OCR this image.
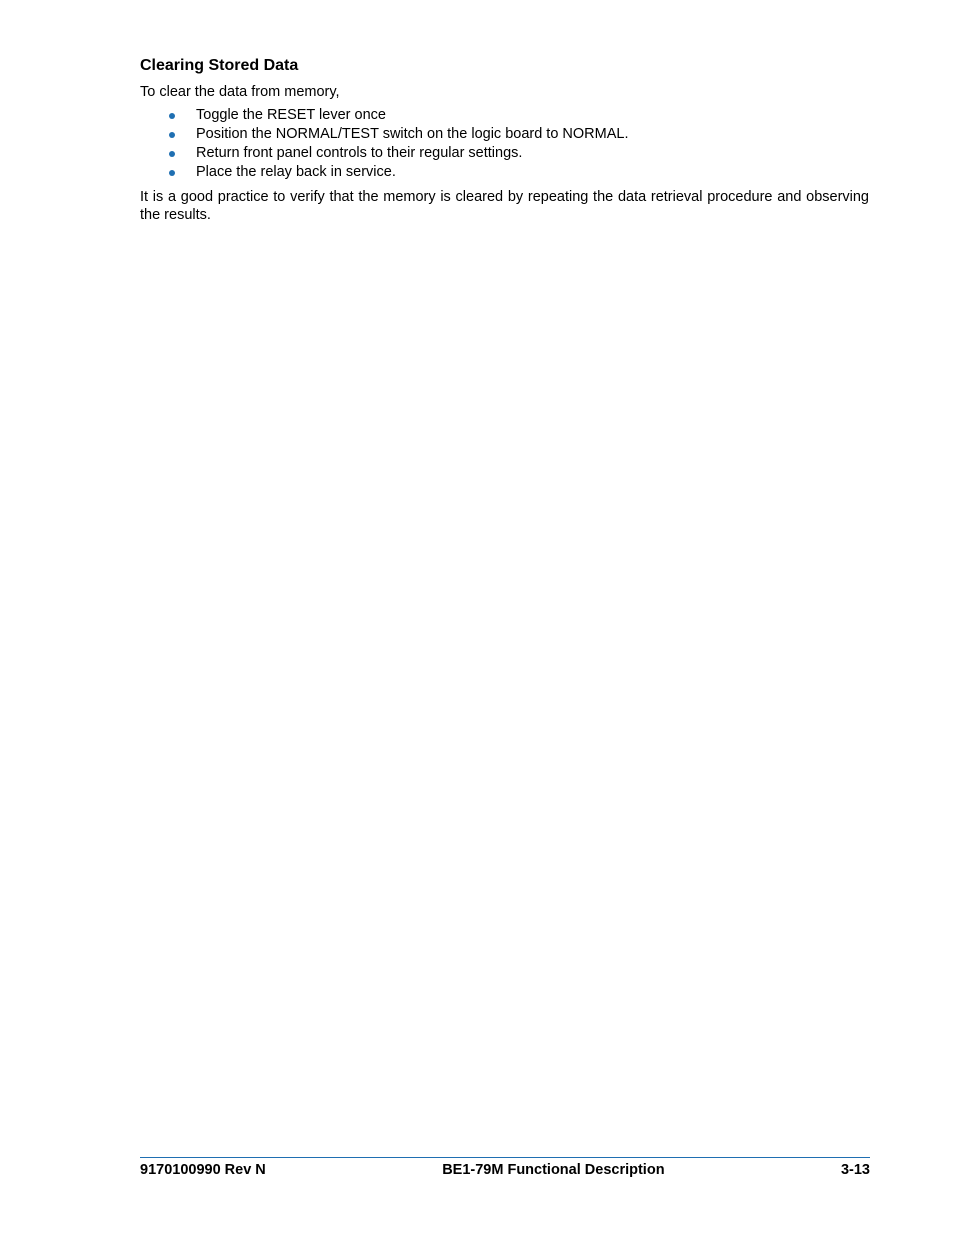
Clearing Stored Data

To clear the data from memory,

Toggle the RESET lever once
Position the NORMAL/TEST switch on the logic board to NORMAL.
Return front panel controls to their regular settings.
Place the relay back in service.

It is a good practice to verify that the memory is cleared by repeating the data retrieval procedure and observing the results.

9170100990 Rev N	BE1-79M Functional Description	3-13
